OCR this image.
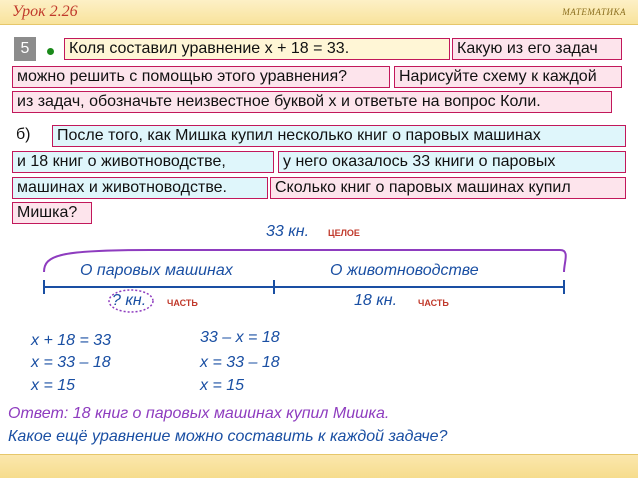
Урок 2.26	МАТЕМАТИКА
5	Коля составил уравнение х + 18 = 33.	Какую из его задач
можно решить с помощью этого уравнения?	Нарисуйте схему к каждой
из задач, обозначьте неизвестное буквой х и ответьте на вопрос Коли.
б)	После того, как Мишка купил несколько книг о паровых машинах
и 18 книг о животноводстве,	у него оказалось 33 книги о паровых
машинах и животноводстве.	Сколько книг о паровых машинах купил
Мишка?
33 кн. ЦЕЛОЕ
О паровых машинах	О животноводстве
? кн. ЧАСТЬ	18 кн. ЧАСТЬ
х + 18 = 33
х = 33 – 18
х = 15
33 – х = 18
х = 33 – 18
х = 15
Ответ: 18 книг о паровых машинах купил Мишка.
Какое ещё уравнение можно составить к каждой задаче?
